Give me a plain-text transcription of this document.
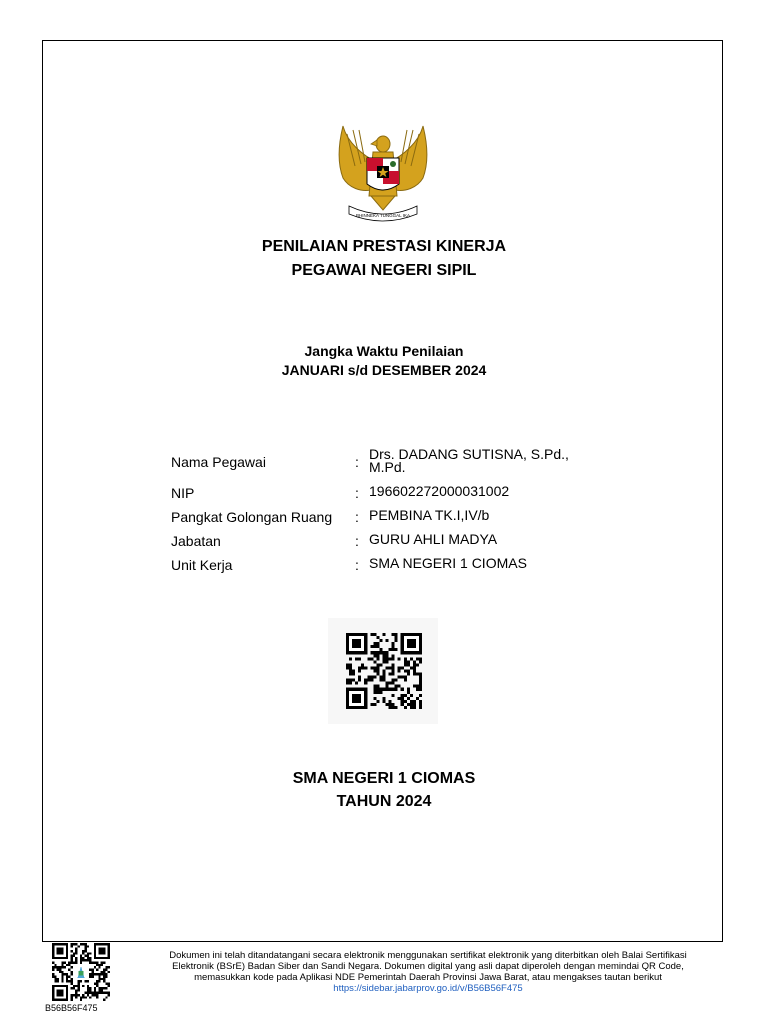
BHINNEKA TUNGGAL IKA
PENILAIAN PRESTASI KINERJA
PEGAWAI NEGERI SIPIL
Jangka Waktu Penilaian
JANUARI s/d DESEMBER 2024
Nama Pegawai	: Drs. DADANG SUTISNA, S.Pd., M.Pd.
NIP	: 196602272000031002
Pangkat Golongan Ruang : PEMBINA TK.I,IV/b
Jabatan	: GURU AHLI MADYA
Unit Kerja	: SMA NEGERI 1 CIOMAS
SMA NEGERI 1 CIOMAS
TAHUN 2024
B56B56F475
Dokumen ini telah ditandatangani secara elektronik menggunakan sertifikat elektronik yang diterbitkan oleh Balai Sertifikasi
Elektronik (BSrE) Badan Siber dan Sandi Negara. Dokumen digital yang asli dapat diperoleh dengan memindai QR Code,
memasukkan kode pada Aplikasi NDE Pemerintah Daerah Provinsi Jawa Barat, atau mengakses tautan berikut
https://sidebar.jabarprov.go.id/v/B56B56F475
